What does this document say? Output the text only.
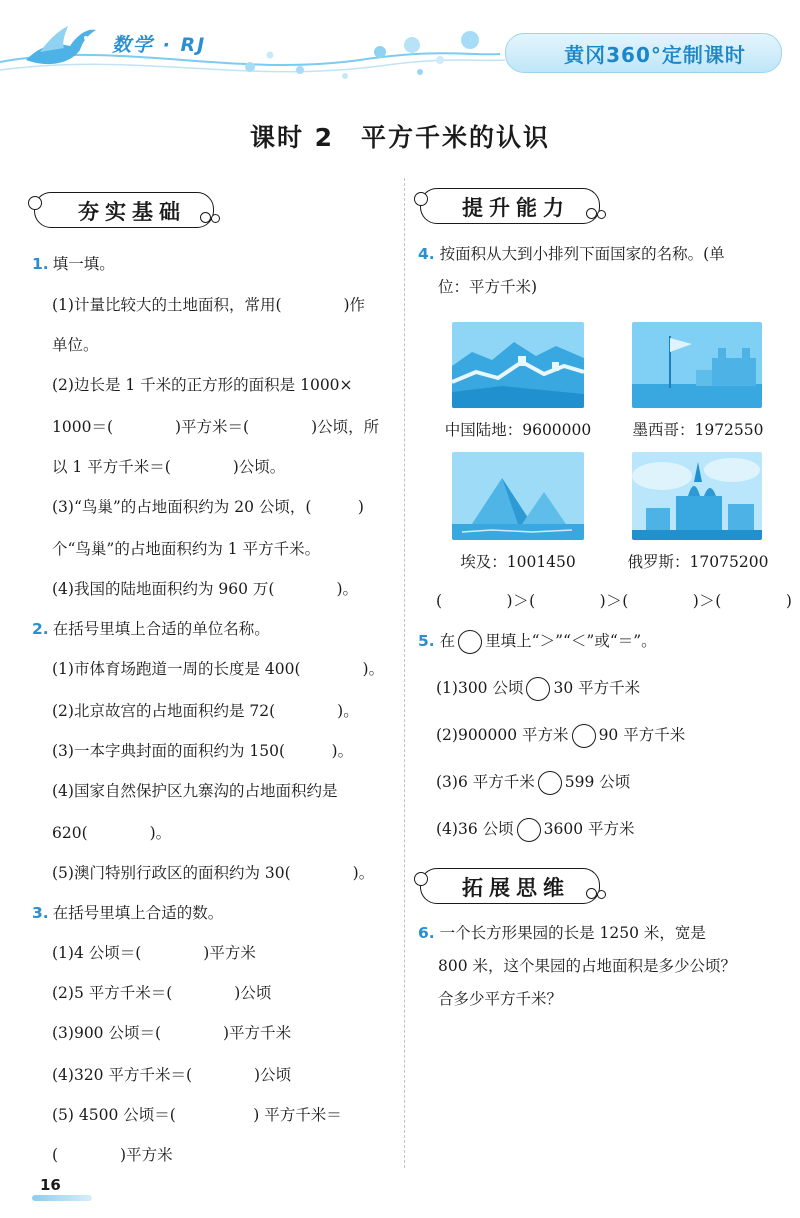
数学 · RJ	黄冈360°定制课时
课时 2　平方千米的认识
夯实基础
1. 填一填。
(1)计量比较大的土地面积，常用(　　　　)作
单位。
(2)边长是 1 千米的正方形的面积是 1000×
1000＝(　　　　)平方米＝(　　　　)公顷，所
以 1 平方千米＝(　　　　)公顷。
(3)“鸟巢”的占地面积约为 20 公顷，(　　　)
个“鸟巢”的占地面积约为 1 平方千米。
(4)我国的陆地面积约为 960 万(　　　　)。
2. 在括号里填上合适的单位名称。
(1)市体育场跑道一周的长度是 400(　　　　)。
(2)北京故宫的占地面积约是 72(　　　　)。
(3)一本字典封面的面积约为 150(　　　)。
(4)国家自然保护区九寨沟的占地面积约是
620(　　　　)。
(5)澳门特别行政区的面积约为 30(　　　　)。
3. 在括号里填上合适的数。
(1)4 公顷＝(　　　　)平方米
(2)5 平方千米＝(　　　　)公顷
(3)900 公顷＝(　　　　)平方千米
(4)320 平方千米＝(　　　　)公顷
(5) 4500 公顷＝(　　　　　) 平方千米＝
(　　　　)平方米
提升能力
4. 按面积从大到小排列下面国家的名称。(单
位：平方千米)
中国陆地：9600000	墨西哥：1972550
埃及：1001450	俄罗斯：17075200
(　　　　)＞(　　　　)＞(　　　　)＞(　　　　)
5. 在 里填上“＞”“＜”或“＝”。
(1)300 公顷 30 平方千米
(2)900000 平方米 90 平方千米
(3)6 平方千米 599 公顷
(4)36 公顷 3600 平方米
拓展思维
6. 一个长方形果园的长是 1250 米，宽是
800 米，这个果园的占地面积是多少公顷？
合多少平方千米？
16
